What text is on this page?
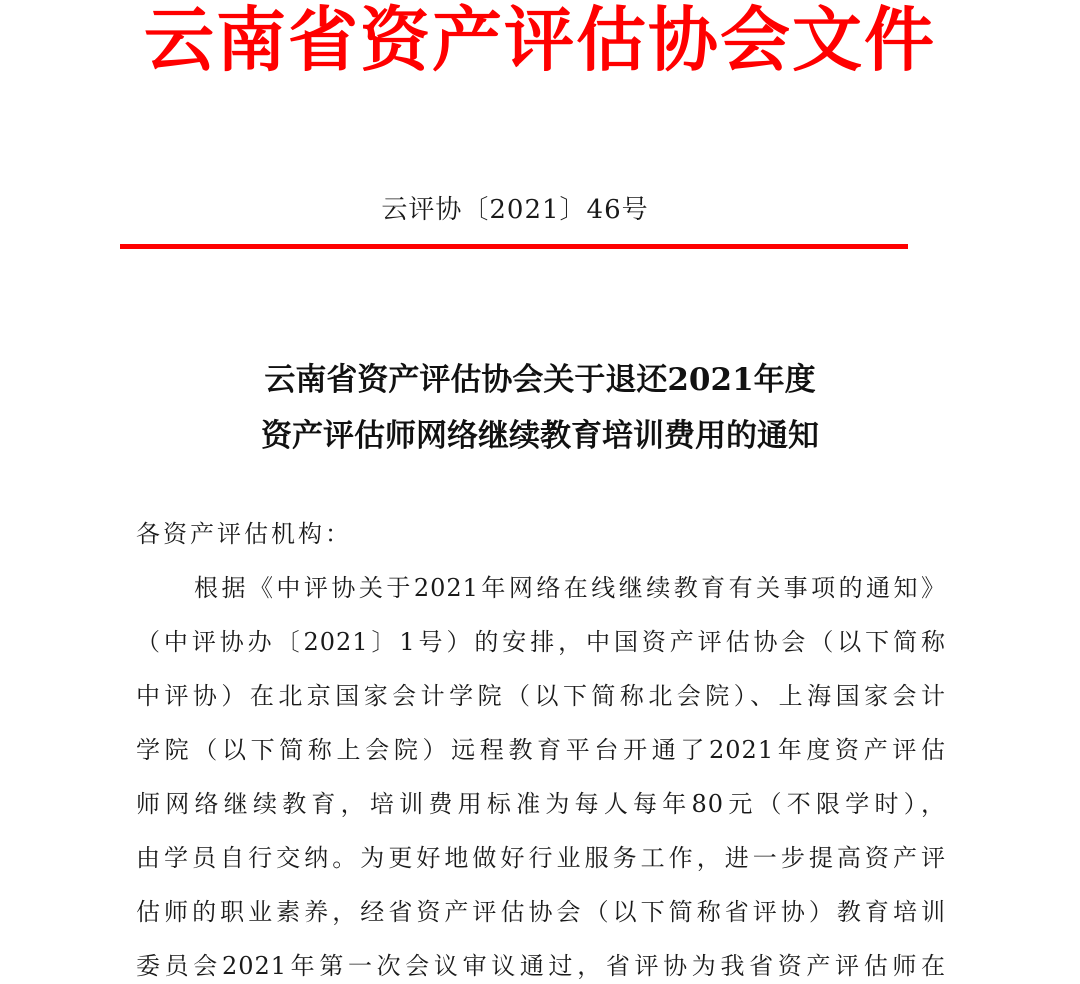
云南省资产评估协会文件
云评协〔2021〕46号
云南省资产评估协会关于退还2021年度
资产评估师网络继续教育培训费用的通知
各资产评估机构：
根据《中评协关于2021年网络在线继续教育有关事项的通知》
（中评协办〔2021〕1号）的安排，中国资产评估协会（以下简称
中评协）在北京国家会计学院（以下简称北会院）、上海国家会计
学院（以下简称上会院）远程教育平台开通了2021年度资产评估
师网络继续教育，培训费用标准为每人每年80元（不限学时），
由学员自行交纳。为更好地做好行业服务工作，进一步提高资产评
估师的职业素养，经省资产评估协会（以下简称省评协）教育培训
委员会2021年第一次会议审议通过，省评协为我省资产评估师在
